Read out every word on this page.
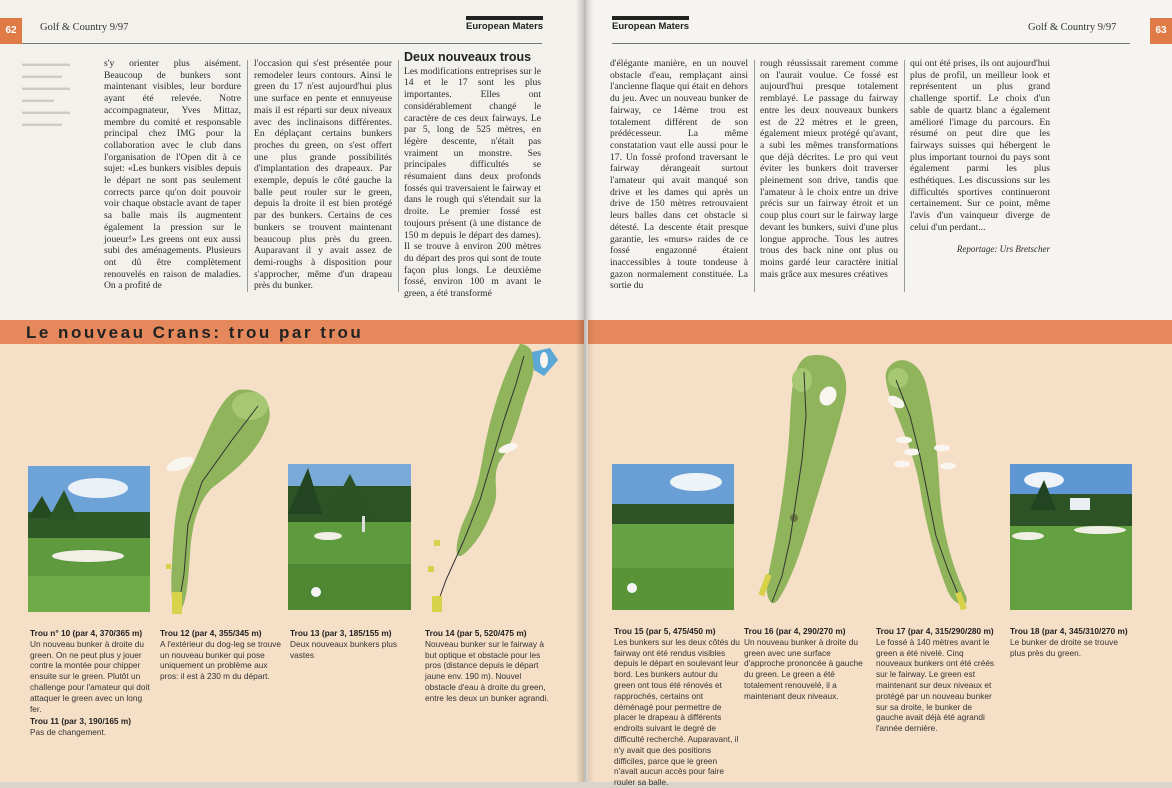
62	Golf & Country 9/97	European Maters
▬▬▬▬▬▬
▬▬▬▬▬
▬▬▬▬▬▬
▬▬▬▬
▬▬▬▬▬▬
▬▬▬▬▬

s'y orienter plus aisément. Beaucoup de bunkers sont maintenant visibles, leur bordure ayant été relevée. Notre accompagnateur, Yves Mittaz, membre du comité et responsable principal chez IMG pour la collaboration avec le club dans l'organisation de l'Open dit à ce sujet: «Les bunkers visibles depuis le départ ne sont pas seulement corrects parce qu'on doit pouvoir voir chaque obstacle avant de taper sa balle mais ils augmentent également la pression sur le joueur!» Les greens ont eux aussi subi des aménagements. Plusieurs ont dû être complètement renouvelés en raison de maladies. On a profité de

l'occasion qui s'est présentée pour remodeler leurs contours. Ainsi le green du 17 n'est aujourd'hui plus une surface en pente et ennuyeuse mais il est réparti sur deux niveaux avec des inclinaisons différentes. En déplaçant certains bunkers proches du green, on s'est offert une plus grande possibilités d'implantation des drapeaux. Par exemple, depuis le côté gauche la balle peut rouler sur le green, depuis la droite il est bien protégé par des bunkers. Certains de ces bunkers se trouvent maintenant beaucoup plus près du green. Auparavant il y avait assez de demi-roughs à disposition pour s'approcher, même d'un drapeau près du bunker.

Deux nouveaux trous

Les modifications entreprises sur le 14 et le 17 sont les plus importantes. Elles ont considérablement changé le caractère de ces deux fairways. Le par 5, long de 525 mètres, en légère descente, n'était pas vraiment un monstre. Ses principales difficultés se résumaient dans deux profonds fossés qui traversaient le fairway et dans le rough qui s'étendait sur la droite. Le premier fossé est toujours présent (à une distance de 150 m depuis le départ des dames). Il se trouve à environ 200 mètres du départ des pros qui sont de toute façon plus longs. Le deuxième fossé, environ 100 m avant le green, a été transformé

Le nouveau Crans: trou par trou
Trou n° 10 (par 4, 370/365 m)
Un nouveau bunker à droite du green. On ne peut plus y jouer contre la montée pour chipper ensuite sur le green. Plutôt un challenge pour l'amateur qui doit attaquer le green avec un long fer.
Trou 11 (par 3, 190/165 m)
Pas de changement.
Trou 12 (par 4, 355/345 m)
A l'extérieur du dog-leg se trouve un nouveau bunker qui pose uniquement un problème aux pros: il est à 230 m du départ.
Trou 13 (par 3, 185/155 m)
Deux nouveaux bunkers plus vastes
Trou 14 (par 5, 520/475 m)
Nouveau bunker sur le fairway à but optique et obstacle pour les pros (distance depuis le départ jaune env. 190 m). Nouvel obstacle d'eau à droite du green, entre les deux un bunker agrandi.
63
Golf & Country 9/97
European Maters

d'élégante manière, en un nouvel obstacle d'eau, remplaçant ainsi l'ancienne flaque qui était en dehors du jeu. Avec un nouveau bunker de fairway, ce 14ème trou est totalement différent de son prédécesseur. La même constatation vaut elle aussi pour le 17. Un fossé profond traversant le fairway dérangeait surtout l'amateur qui avait manqué son drive et les dames qui après un drive de 150 mètres retrouvaient leurs balles dans cet obstacle si détesté. La descente était presque garantie, les «murs» raides de ce fossé engazonné étaient inaccessibles à toute tondeuse à gazon normalement constituée. La sortie du

rough réussissait rarement comme on l'aurait voulue. Ce fossé est aujourd'hui presque totalement remblayé. Le passage du fairway entre les deux nouveaux bunkers est de 22 mètres et le green, également mieux protégé qu'avant, a subi les mêmes transformations que déjà décrites. Le pro qui veut éviter les bunkers doit traverser pleinement son drive, tandis que l'amateur à le choix entre un drive précis sur un fairway étroit et un coup plus court sur le fairway large devant les bunkers, suivi d'une plus longue approche. Tous les autres trous des back nine ont plus ou moins gardé leur caractère initial mais grâce aux mesures créatives

qui ont été prises, ils ont aujourd'hui plus de profil, un meilleur look et représentent un plus grand challenge sportif. Le choix d'un sable de quartz blanc a également amélioré l'image du parcours. En résumé on peut dire que les fairways suisses qui hébergent le plus important tournoi du pays sont également parmi les plus esthétiques. Les discussions sur les difficultés sportives continueront certainement. Sur ce point, même l'avis d'un vainqueur diverge de celui d'un perdant...

Reportage: Urs Bretscher
Trou 15 (par 5, 475/450 m)
Les bunkers sur les deux côtés du fairway ont été rendus visibles depuis le départ en soulevant leur bord. Les bunkers autour du green ont tous été rénovés et rapprochés, certains ont déménagé pour permettre de placer le drapeau à différents endroits suivant le degré de difficulté recherché. Auparavant, il n'y avait que des positions difficiles, parce que le green n'avait aucun accès pour faire rouler sa balle.
Trou 16 (par 4, 290/270 m)
Un nouveau bunker à droite du green avec une surface d'approche prononcée à gauche du green. Le green a été totalement renouvelé, il a maintenant deux niveaux.
Trou 17 (par 4, 315/290/280 m)
Le fossé à 140 mètres avant le green a été nivelé. Cinq nouveaux bunkers ont été créés sur le fairway. Le green est maintenant sur deux niveaux et protégé par un nouveau bunker sur sa droite, le bunker de gauche avait déjà été agrandi l'année dernière.
Trou 18 (par 4, 345/310/270 m)
Le bunker de droite se trouve plus près du green.
